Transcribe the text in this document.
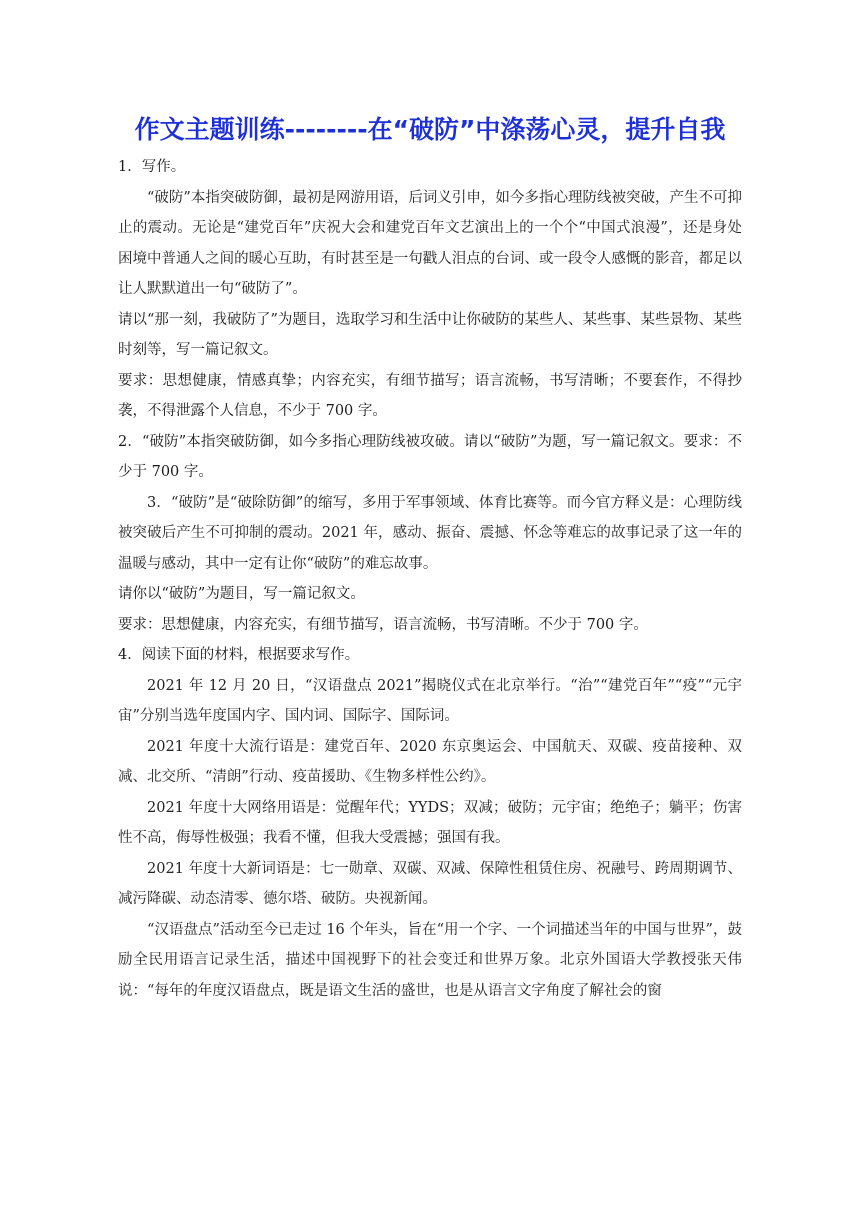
作文主题训练--------在“破防”中涤荡心灵，提升自我

1．写作。

“破防”本指突破防御，最初是网游用语，后词义引申，如今多指心理防线被突破，产生不可抑止的震动。无论是“建党百年”庆祝大会和建党百年文艺演出上的一个个“中国式浪漫”，还是身处困境中普通人之间的暖心互助，有时甚至是一句戳人泪点的台词、或一段令人感慨的影音，都足以让人默默道出一句“破防了”。

请以“那一刻，我破防了”为题目，选取学习和生活中让你破防的某些人、某些事、某些景物、某些时刻等，写一篇记叙文。

要求：思想健康，情感真挚；内容充实，有细节描写；语言流畅，书写清晰；不要套作，不得抄袭，不得泄露个人信息，不少于 700 字。

2．“破防”本指突破防御，如今多指心理防线被攻破。请以“破防”为题，写一篇记叙文。要求：不少于 700 字。

3．“破防”是“破除防御”的缩写，多用于军事领域、体育比赛等。而今官方释义是：心理防线被突破后产生不可抑制的震动。2021 年，感动、振奋、震撼、怀念等难忘的故事记录了这一年的温暖与感动，其中一定有让你“破防”的难忘故事。

请你以“破防”为题目，写一篇记叙文。

要求：思想健康，内容充实，有细节描写，语言流畅，书写清晰。不少于 700 字。

4．阅读下面的材料，根据要求写作。

2021 年 12 月 20 日，“汉语盘点 2021”揭晓仪式在北京举行。“治”“建党百年”“疫”“元宇宙”分别当选年度国内字、国内词、国际字、国际词。

2021 年度十大流行语是：建党百年、2020 东京奥运会、中国航天、双碳、疫苗接种、双减、北交所、“清朗”行动、疫苗援助、《生物多样性公约》。

2021 年度十大网络用语是：觉醒年代；YYDS；双减；破防；元宇宙；绝绝子；躺平；伤害性不高，侮辱性极强；我看不懂，但我大受震撼；强国有我。

2021 年度十大新词语是：七一勋章、双碳、双减、保障性租赁住房、祝融号、跨周期调节、减污降碳、动态清零、德尔塔、破防。央视新闻。

“汉语盘点”活动至今已走过 16 个年头，旨在“用一个字、一个词描述当年的中国与世界”，鼓励全民用语言记录生活，描述中国视野下的社会变迁和世界万象。北京外国语大学教授张天伟说：“每年的年度汉语盘点，既是语文生活的盛世，也是从语言文字角度了解社会的窗
